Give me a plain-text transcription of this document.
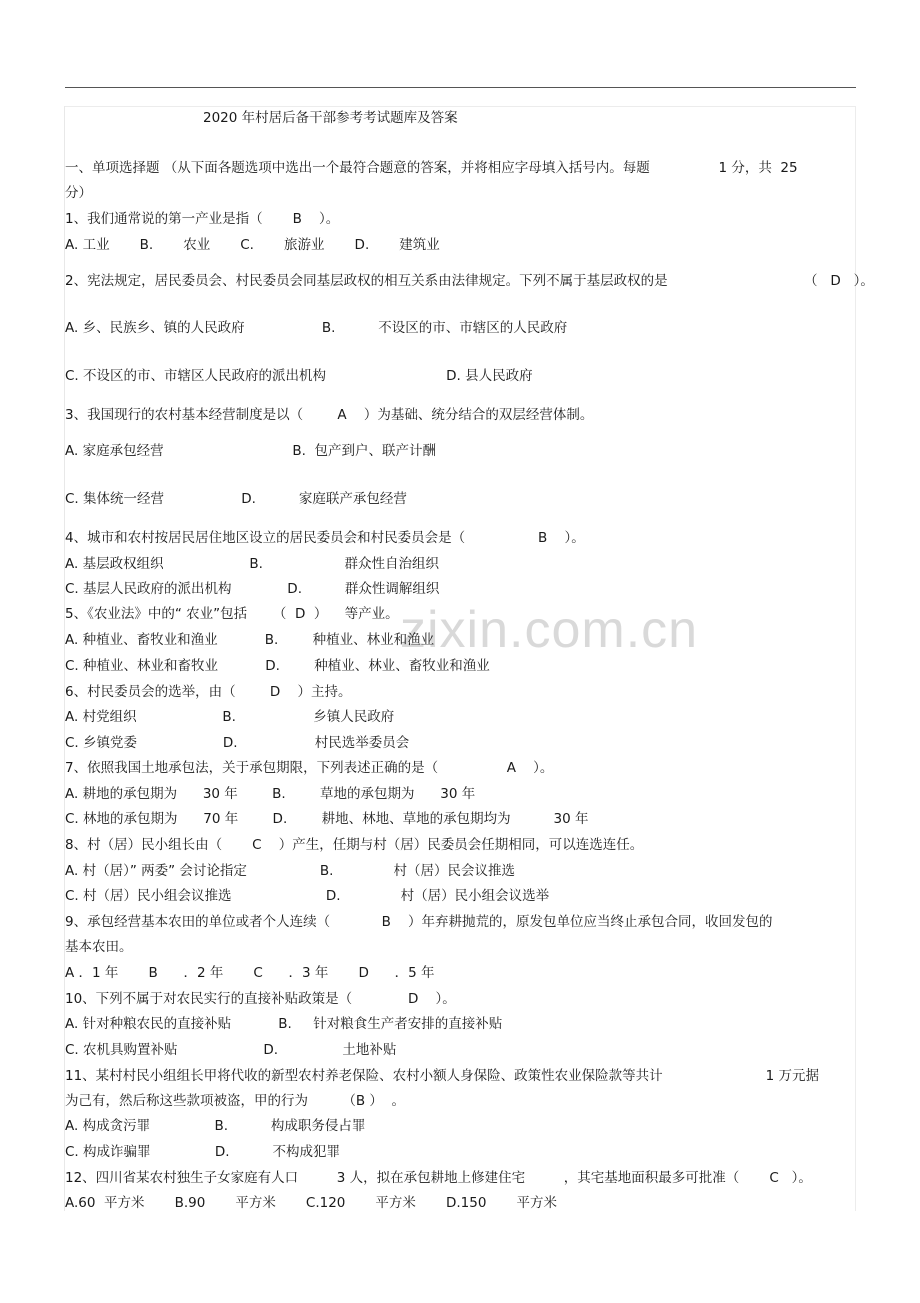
zixin.com.cn
2020 年村居后备干部参考考试题库及答案
一、单项选择题 （从下面各题选项中选出一个最符合题意的答案，并将相应字母填入括号内。每题                1 分，共  25
分）
1、我们通常说的第一产业是指（       B    ）。
A. 工业       B.       农业       C.       旅游业       D.       建筑业
2、宪法规定，居民委员会、村民委员会同基层政权的相互关系由法律规定。下列不属于基层政权的是	（   D   ）。
A. 乡、民族乡、镇的人民政府                  B.          不设区的市、市辖区的人民政府
C. 不设区的市、市辖区人民政府的派出机构                            D. 县人民政府
3、我国现行的农村基本经营制度是以（        A    ）为基础、统分结合的双层经营体制。
A. 家庭承包经营                              B.  包产到户、联产计酬
C. 集体统一经营                  D.          家庭联产承包经营
4、城市和农村按居民居住地区设立的居民委员会和村民委员会是（                 B    ）。
A. 基层政权组织                    B.                   群众性自治组织
C. 基层人民政府的派出机构             D.          群众性调解组织
5、《农业法》中的“ 农业”包括      （  D  ）    等产业。
A. 种植业、畜牧业和渔业           B.        种植业、林业和渔业
C. 种植业、林业和畜牧业           D.        种植业、林业、畜牧业和渔业
6、村民委员会的选举，由（        D    ）主持。
A. 村党组织                    B.                  乡镇人民政府
C. 乡镇党委                    D.                  村民选举委员会
7、依照我国土地承包法，关于承包期限，下列表述正确的是（                A    ）。
A. 耕地的承包期为      30 年        B.        草地的承包期为      30 年
C. 林地的承包期为      70 年        D.        耕地、林地、草地的承包期均为          30 年
8、村（居）民小组长由（       C    ）产生，任期与村（居）民委员会任期相同，可以连选连任。
A. 村（居）” 两委” 会讨论指定                 B.              村（居）民会议推选
C. 村（居）民小组会议推选                      D.              村（居）民小组会议选举
9、承包经营基本农田的单位或者个人连续（            B    ）年弃耕抛荒的，原发包单位应当终止承包合同，收回发包的
基本农田。
A ．1 年       B      ．2 年       C      ．3 年       D      ．5 年
10、下列不属于对农民实行的直接补贴政策是（             D    ）。
A. 针对种粮农民的直接补贴           B.     针对粮食生产者安排的直接补贴
C. 农机具购置补贴                    D.               土地补贴
11、某村村民小组组长甲将代收的新型农村养老保险、农村小额人身保险、政策性农业保险款等共计                        1 万元据
为己有，然后称这些款项被盗，甲的行为        （B ）  。
A. 构成贪污罪               B.          构成职务侵占罪
C. 构成诈骗罪               D.          不构成犯罪
12、四川省某农村独生子女家庭有人口         3 人，拟在承包耕地上修建住宅         ，其宅基地面积最多可批准（       C   ）。
A.60  平方米       B.90       平方米       C.120       平方米       D.150       平方米
